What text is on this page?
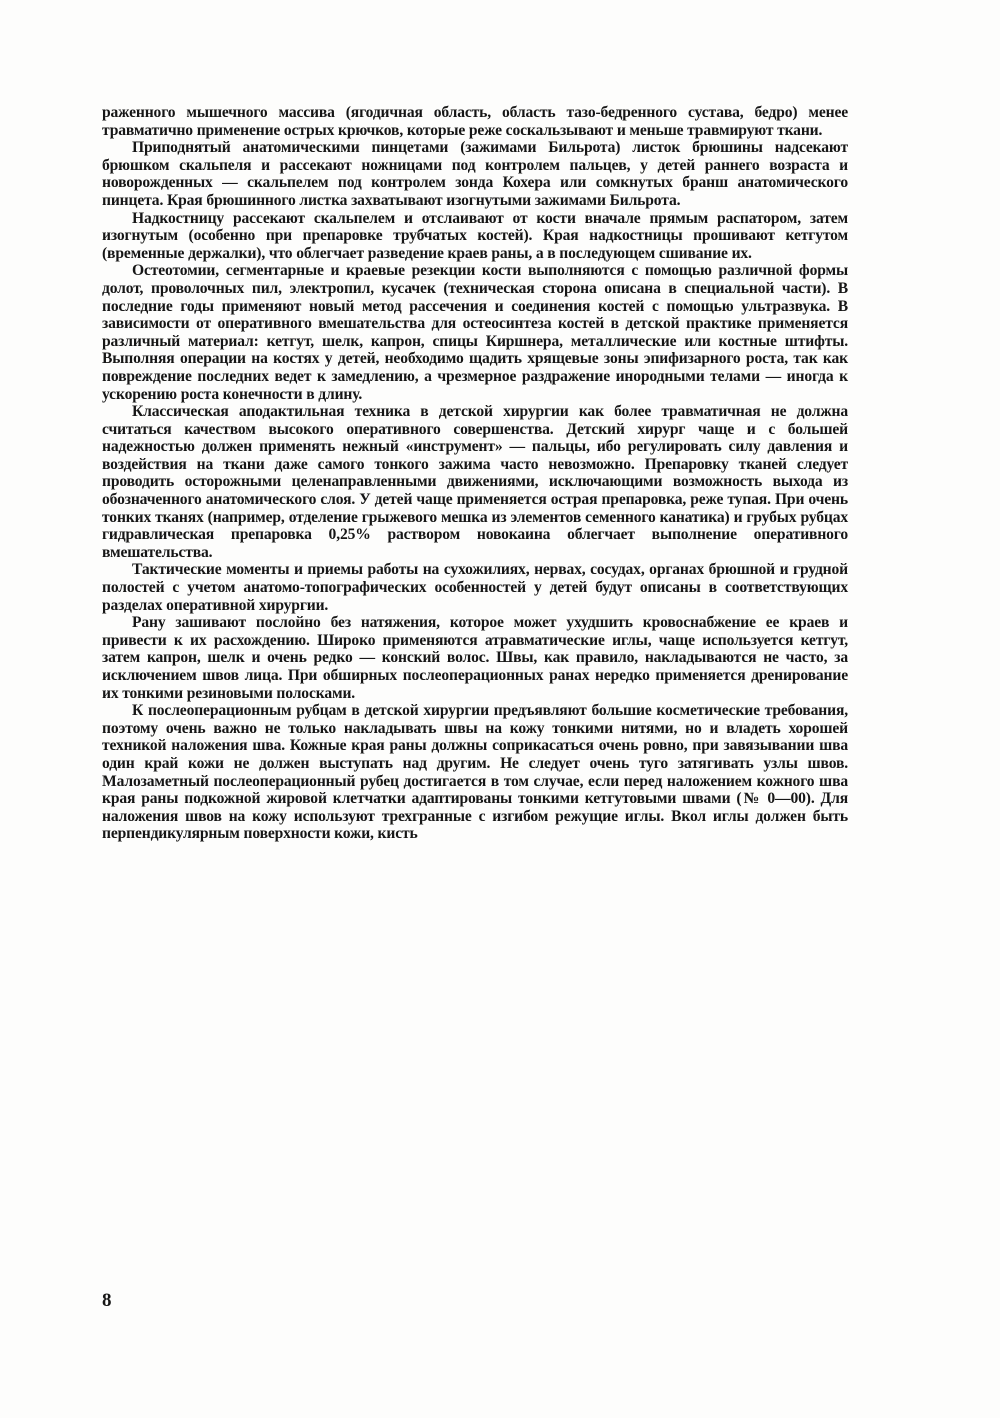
раженного мышечного массива (ягодичная область, область тазо-бедренного сустава, бедро) менее травматично применение острых крючков, которые реже соскальзывают и меньше травмируют ткани.

Приподнятый анатомическими пинцетами (зажимами Бильрота) листок брюшины надсекают брюшком скальпеля и рассекают ножницами под контролем пальцев, у детей раннего возраста и новорожденных — скальпелем под контролем зонда Кохера или сомкнутых бранш анатомического пинцета. Края брюшинного листка захватывают изогнутыми зажимами Бильрота.

Надкостницу рассекают скальпелем и отслаивают от кости вначале прямым распатором, затем изогнутым (особенно при препаровке трубчатых костей). Края надкостницы прошивают кетгутом (временные держалки), что облегчает разведение краев раны, а в последующем сшивание их.

Остеотомии, сегментарные и краевые резекции кости выполняются с помощью различной формы долот, проволочных пил, электропил, кусачек (техническая сторона описана в специальной части). В последние годы применяют новый метод рассечения и соединения костей с помощью ультразвука. В зависимости от оперативного вмешательства для остеосинтеза костей в детской практике применяется различный материал: кетгут, шелк, капрон, спицы Киршнера, металлические или костные штифты. Выполняя операции на костях у детей, необходимо щадить хрящевые зоны эпифизарного роста, так как повреждение последних ведет к замедлению, а чрезмерное раздражение инородными телами — иногда к ускорению роста конечности в длину.

Классическая аподактильная техника в детской хирургии как более травматичная не должна считаться качеством высокого оперативного совершенства. Детский хирург чаще и с большей надежностью должен применять нежный «инструмент» — пальцы, ибо регулировать силу давления и воздействия на ткани даже самого тонкого зажима часто невозможно. Препаровку тканей следует проводить осторожными целенаправленными движениями, исключающими возможность выхода из обозначенного анатомического слоя. У детей чаще применяется острая препаровка, реже тупая. При очень тонких тканях (например, отделение грыжевого мешка из элементов семенного канатика) и грубых рубцах гидравлическая препаровка 0,25% раствором новокаина облегчает выполнение оперативного вмешательства.

Тактические моменты и приемы работы на сухожилиях, нервах, сосудах, органах брюшной и грудной полостей с учетом анатомо-топографических особенностей у детей будут описаны в соответствующих разделах оперативной хирургии.

Рану зашивают послойно без натяжения, которое может ухудшить кровоснабжение ее краев и привести к их расхождению. Широко применяются атравматические иглы, чаще используется кетгут, затем капрон, шелк и очень редко — конский волос. Швы, как правило, накладываются не часто, за исключением швов лица. При обширных послеоперационных ранах нередко применяется дренирование их тонкими резиновыми полосками.

К послеоперационным рубцам в детской хирургии предъявляют большие косметические требования, поэтому очень важно не только накладывать швы на кожу тонкими нитями, но и владеть хорошей техникой наложения шва. Кожные края раны должны соприкасаться очень ровно, при завязывании шва один край кожи не должен выступать над другим. Не следует очень туго затягивать узлы швов. Малозаметный послеоперационный рубец достигается в том случае, если перед наложением кожного шва края раны подкожной жировой клетчатки адаптированы тонкими кетгутовыми швами (№ 0—00). Для наложения швов на кожу используют трехгранные с изгибом режущие иглы. Вкол иглы должен быть перпендикулярным поверхности кожи, кисть

8
